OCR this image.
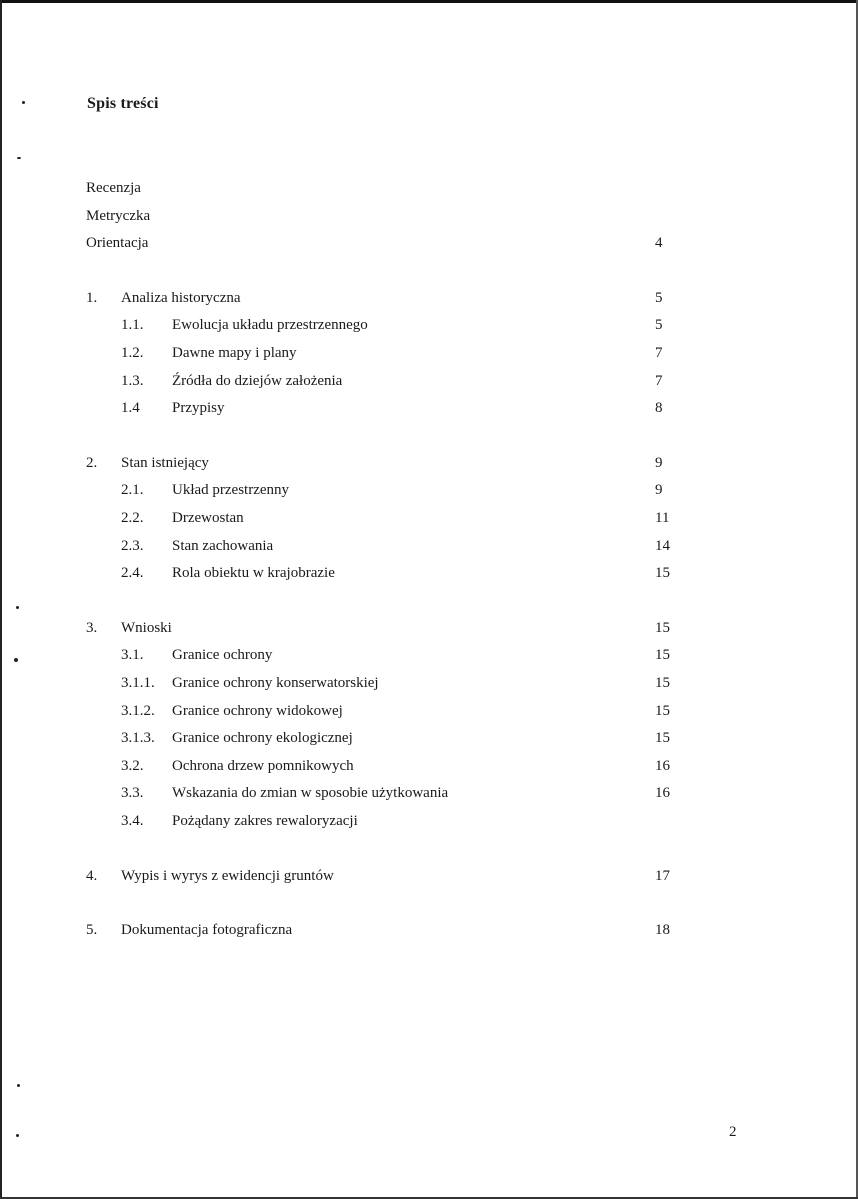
Spis treści
Recenzja
Metryczka
Orientacja	4
1. Analiza historyczna	5
1.1. Ewolucja układu przestrzennego	5
1.2. Dawne mapy i plany	7
1.3. Źródła do dziejów założenia	7
1.4 Przypisy	8
2. Stan istniejący	9
2.1. Układ przestrzenny	9
2.2. Drzewostan	11
2.3. Stan zachowania	14
2.4. Rola obiektu w krajobrazie	15
3. Wnioski	15
3.1. Granice ochrony	15
3.1.1. Granice ochrony konserwatorskiej	15
3.1.2. Granice ochrony widokowej	15
3.1.3. Granice ochrony ekologicznej	15
3.2. Ochrona drzew pomnikowych	16
3.3. Wskazania do zmian w sposobie użytkowania	16
3.4. Pożądany zakres rewaloryzacji
4. Wypis i wyrys z ewidencji gruntów	17
5. Dokumentacja fotograficzna	18
2
